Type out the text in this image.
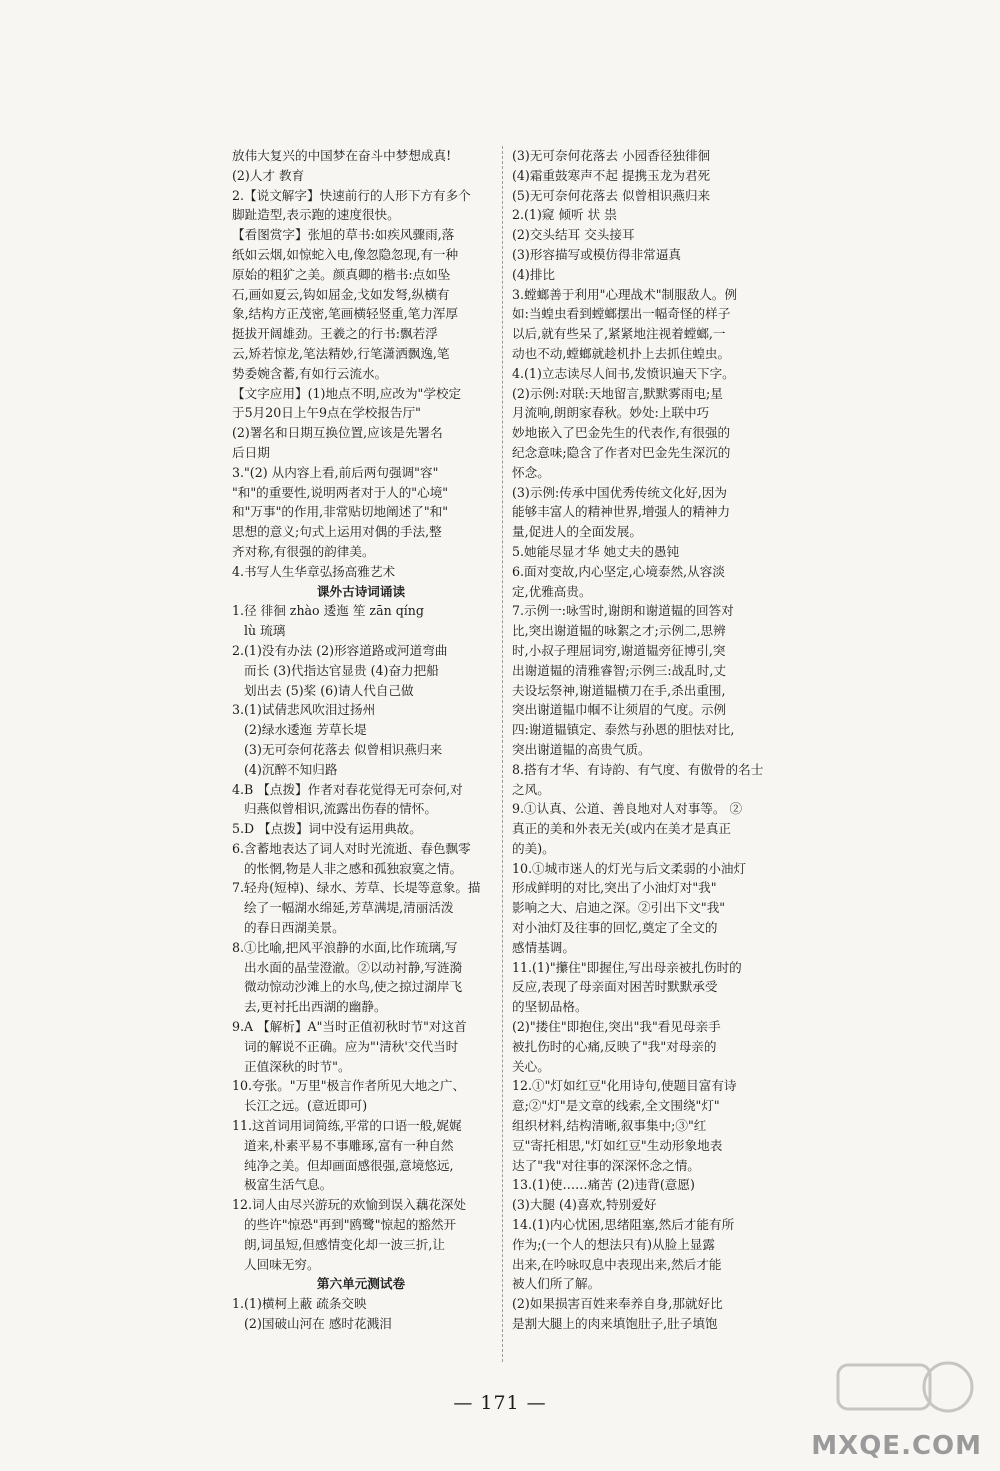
放伟大复兴的中国梦在奋斗中梦想成真!
(2)人才 教育
2.【说文解字】快速前行的人形下方有多个
脚趾造型,表示跑的速度很快。
【看图赏字】张旭的草书:如疾风骤雨,落
纸如云烟,如惊蛇入电,像忽隐忽现,有一种
原始的粗犷之美。颜真卿的楷书:点如坠
石,画如夏云,钩如屈金,戈如发弩,纵横有
象,结构方正茂密,笔画横轻竖重,笔力浑厚
挺拔开阔雄劲。王羲之的行书:飘若浮
云,矫若惊龙,笔法精妙,行笔潇洒飘逸,笔
势委婉含蓄,有如行云流水。
【文字应用】(1)地点不明,应改为"学校定
于5月20日上午9点在学校报告厅"
(2)署名和日期互换位置,应该是先署名
后日期
3."(2) 从内容上看,前后两句强调"容"
"和"的重要性,说明两者对于人的"心境"
和"万事"的作用,非常贴切地阐述了"和"
思想的意义;句式上运用对偶的手法,整
齐对称,有很强的韵律美。
4.书写人生华章弘扬高雅艺术
课外古诗词诵读
1.径 徘徊 zhào 逶迤 笙 zān qíng
lù 琉璃
2.(1)没有办法 (2)形容道路或河道弯曲
而长 (3)代指达官显贵 (4)奋力把船
划出去 (5)桨 (6)请人代自己做
3.(1)试倩悲风吹泪过扬州
(2)绿水逶迤 芳草长堤
(3)无可奈何花落去 似曾相识燕归来
(4)沉醉不知归路
4.B 【点拨】作者对春花觉得无可奈何,对
归燕似曾相识,流露出伤春的情怀。
5.D 【点拨】词中没有运用典故。
6.含蓄地表达了词人对时光流逝、春色飘零
的怅惘,物是人非之感和孤独寂寞之情。
7.轻舟(短棹)、绿水、芳草、长堤等意象。描
绘了一幅湖水绵延,芳草满堤,清丽活泼
的春日西湖美景。
8.①比喻,把风平浪静的水面,比作琉璃,写
出水面的晶莹澄澈。②以动衬静,写涟漪
微动惊动沙滩上的水鸟,使之掠过湖岸飞
去,更衬托出西湖的幽静。
9.A 【解析】A"当时正值初秋时节"对这首
词的解说不正确。应为"'清秋'交代当时
正值深秋的时节"。
10.夸张。"万里"极言作者所见大地之广、
长江之远。(意近即可)
11.这首词用词简练,平常的口语一般,娓娓
道来,朴素平易不事雕琢,富有一种自然
纯净之美。但却画面感很强,意境悠远,
极富生活气息。
12.词人由尽兴游玩的欢愉到误入藕花深处
的些许"惊恐"再到"鸥鹭"惊起的豁然开
朗,词虽短,但感情变化却一波三折,让
人回味无穷。
第六单元测试卷
1.(1)横柯上蔽 疏条交映
(2)国破山河在 感时花溅泪
(3)无可奈何花落去 小园香径独徘徊
(4)霜重鼓寒声不起 提携玉龙为君死
(5)无可奈何花落去 似曾相识燕归来
2.(1)窥 倾听 状 祟
(2)交头结耳 交头接耳
(3)形容描写或模仿得非常逼真
(4)排比
3.螳螂善于利用"心理战术"制服敌人。例
如:当蝗虫看到螳螂摆出一幅奇怪的样子
以后,就有些呆了,紧紧地注视着螳螂,一
动也不动,螳螂就趁机扑上去抓住蝗虫。
4.(1)立志读尽人间书,发愤识遍天下字。
(2)示例:对联:天地留言,默默雾雨电;星
月流响,朗朗家春秋。妙处:上联中巧
妙地嵌入了巴金先生的代表作,有很强的
纪念意味;隐含了作者对巴金先生深沉的
怀念。
(3)示例:传承中国优秀传统文化好,因为
能够丰富人的精神世界,增强人的精神力
量,促进人的全面发展。
5.她能尽显才华 她丈夫的愚钝
6.面对变故,内心坚定,心境泰然,从容淡
定,优雅高贵。
7.示例一:咏雪时,谢朗和谢道韫的回答对
比,突出谢道韫的咏絮之才;示例二,思辨
时,小叔子理屈词穷,谢道韫旁征博引,突
出谢道韫的清雅睿智;示例三:战乱时,丈
夫设坛祭神,谢道韫横刀在手,杀出重围,
突出谢道韫巾帼不让须眉的气度。示例
四:谢道韫镇定、泰然与孙恩的胆怯对比,
突出谢道韫的高贵气质。
8.搭有才华、有诗韵、有气度、有傲骨的名士
之风。
9.①认真、公道、善良地对人对事等。 ②
真正的美和外表无关(或内在美才是真正
的美)。
10.①城市迷人的灯光与后文柔弱的小油灯
形成鲜明的对比,突出了小油灯对"我"
影响之大、启迪之深。②引出下文"我"
对小油灯及往事的回忆,奠定了全文的
感情基调。
11.(1)"攥住"即握住,写出母亲被扎伤时的
反应,表现了母亲面对困苦时默默承受
的坚韧品格。
(2)"搂住"即抱住,突出"我"看见母亲手
被扎伤时的心痛,反映了"我"对母亲的
关心。
12.①"灯如红豆"化用诗句,使题目富有诗
意;②"灯"是文章的线索,全文围绕"灯"
组织材料,结构清晰,叙事集中;③"红
豆"寄托相思,"灯如红豆"生动形象地表
达了"我"对往事的深深怀念之情。
13.(1)使……痛苦 (2)违背(意愿)
(3)大腿 (4)喜欢,特别爱好
14.(1)内心忧困,思绪阻塞,然后才能有所
作为;(一个人的想法只有)从脸上显露
出来,在吟咏叹息中表现出来,然后才能
被人们所了解。
(2)如果损害百姓来奉养自身,那就好比
是割大腿上的肉来填饱肚子,肚子填饱
— 171 —
MXQE.COM
